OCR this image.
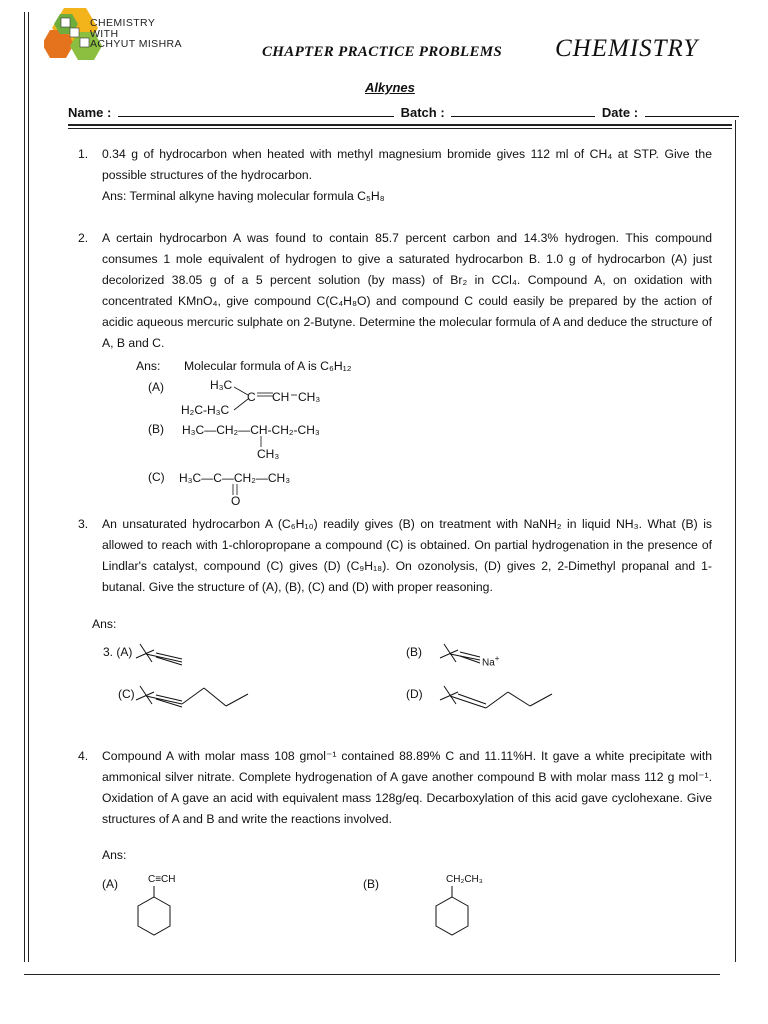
CHEMISTRY
WITH
ACHYUT MISHRA	CHAPTER PRACTICE PROBLEMS CHEMISTRY
Alkynes
Name :	Batch :	Date :
1. 0.34 g of hydrocarbon when heated with methyl magnesium bromide gives 112 ml of CH₄ at STP. Give the possible structures of the hydrocarbon.
Ans: Terminal alkyne having molecular formula C₅H₈
2. A certain hydrocarbon A was found to contain 85.7 percent carbon and 14.3% hydrogen. This compound consumes 1 mole equivalent of hydrogen to give a saturated hydrocarbon B. 1.0 g of hydrocarbon (A) just decolorized 38.05 g of a 5 percent solution (by mass) of Br₂ in CCl₄. Compound A, on oxidation with concentrated KMnO₄, give compound C(C₄H₈O) and compound C could easily be prepared by the action of acidic aqueous mercuric sulphate on 2-Butyne. Determine the molecular formula of A and deduce the structure of A, B and C.
Ans: Molecular formula of A is C₆H₁₂
(A)	H₃C
C CH CH₃
H₂C-H₃C
(B) H₃C—CH₂—CH-CH₂-CH₃
CH₃
(C) H₃C—C—CH₂—CH₃
O
3. An unsaturated hydrocarbon A (C₆H₁₀) readily gives (B) on treatment with NaNH₂ in liquid NH₃. What (B) is allowed to reach with 1-chloropropane a compound (C) is obtained. On partial hydrogenation in the presence of Lindlar's catalyst, compound (C) gives (D) (C₉H₁₈). On ozonolysis, (D) gives 2, 2-Dimethyl propanal and 1-butanal. Give the structure of (A), (B), (C) and (D) with proper reasoning.
Ans:
3. (A)	(B)
Na+
(C)	(D)
4. Compound A with molar mass 108 gmol⁻¹ contained 88.89% C and 11.11%H. It gave a white precipitate with ammonical silver nitrate. Complete hydrogenation of A gave another compound B with molar mass 112 g mol⁻¹. Oxidation of A gave an acid with equivalent mass 128g/eq. Decarboxylation of this acid gave cyclohexane. Give structures of A and B and write the reactions involved.
Ans:
(A)	C≡CH	(B)	CH₂CH₃
